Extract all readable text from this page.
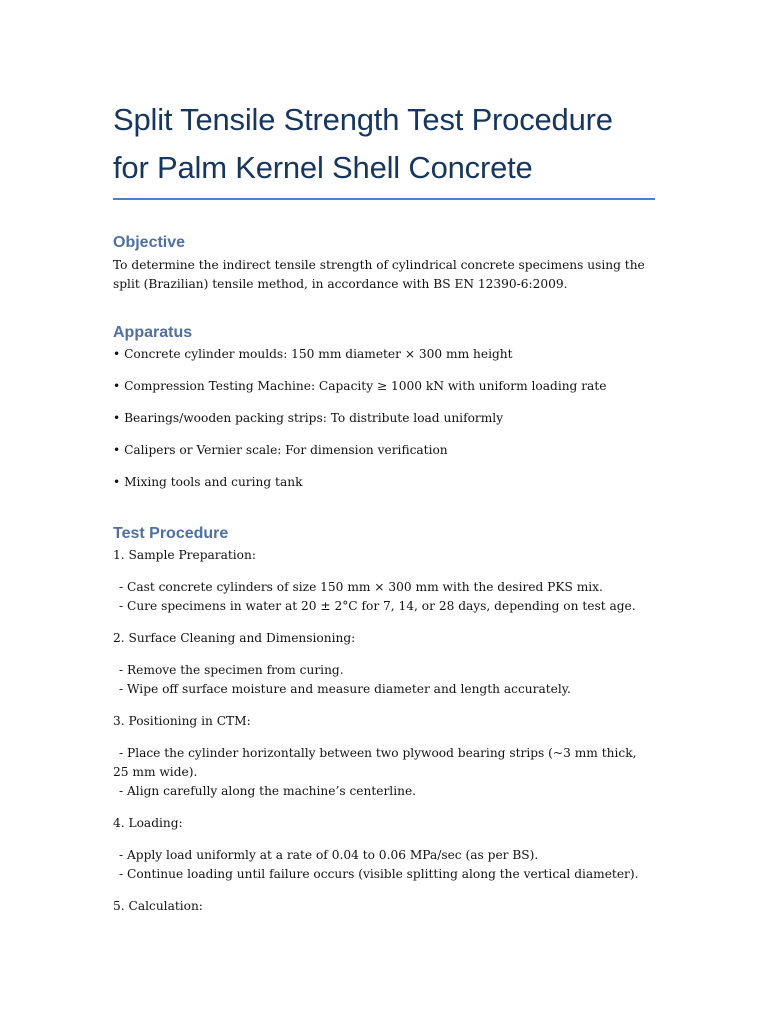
Split Tensile Strength Test Procedure for Palm Kernel Shell Concrete
Objective

To determine the indirect tensile strength of cylindrical concrete specimens using the split (Brazilian) tensile method, in accordance with BS EN 12390-6:2009.

Apparatus

• Concrete cylinder moulds: 150 mm diameter × 300 mm height

• Compression Testing Machine: Capacity ≥ 1000 kN with uniform loading rate

• Bearings/wooden packing strips: To distribute load uniformly

• Calipers or Vernier scale: For dimension verification

• Mixing tools and curing tank

Test Procedure

1. Sample Preparation:

- Cast concrete cylinders of size 150 mm × 300 mm with the desired PKS mix.
- Cure specimens in water at 20 ± 2°C for 7, 14, or 28 days, depending on test age.

2. Surface Cleaning and Dimensioning:

- Remove the specimen from curing.
- Wipe off surface moisture and measure diameter and length accurately.

3. Positioning in CTM:

- Place the cylinder horizontally between two plywood bearing strips (~3 mm thick, 25 mm wide).
- Align carefully along the machine’s centerline.

4. Loading:

- Apply load uniformly at a rate of 0.04 to 0.06 MPa/sec (as per BS).
- Continue loading until failure occurs (visible splitting along the vertical diameter).

5. Calculation:
